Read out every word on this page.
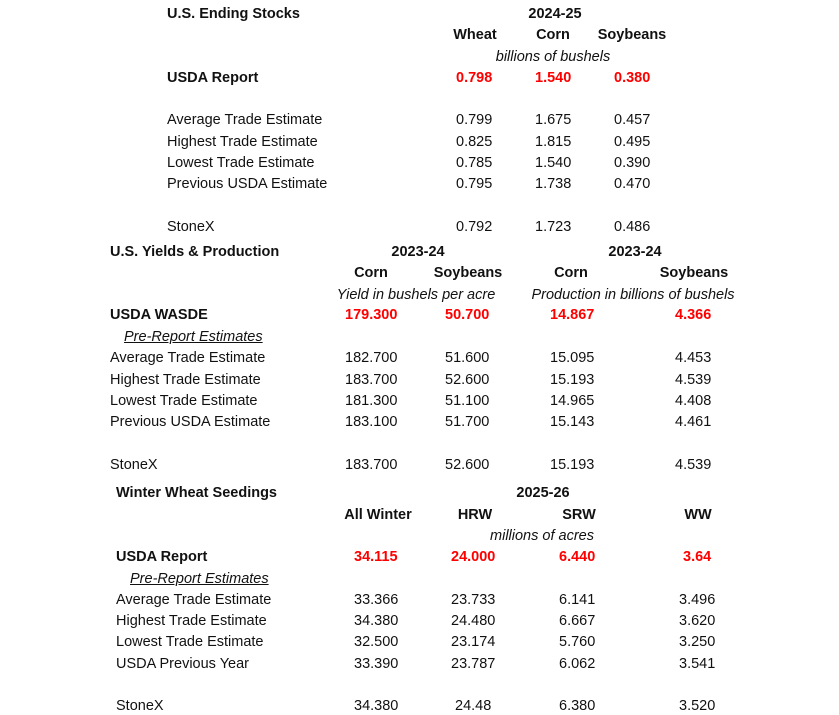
U.S. Ending Stocks	2024-25
Wheat	Corn Soybeans
billions of bushels
USDA Report	0.798	1.540	0.380
Average Trade Estimate	0.799	1.675	0.457
Highest Trade Estimate	0.825	1.815	0.495
Lowest Trade Estimate	0.785	1.540	0.390
Previous USDA Estimate	0.795	1.738	0.470
StoneX	0.792	1.723	0.486
U.S. Yields & Production	2023-24	2023-24
Corn	Soybeans	Corn	Soybeans
Yield in bushels per acre Production in billions of bushels
USDA WASDE	179.300	50.700	14.867	4.366
Pre-Report Estimates
Average Trade Estimate	182.700	51.600	15.095	4.453
Highest Trade Estimate	183.700	52.600	15.193	4.539
Lowest Trade Estimate	181.300	51.100	14.965	4.408
Previous USDA Estimate	183.100	51.700	15.143	4.461
StoneX	183.700	52.600	15.193	4.539
Winter Wheat Seedings	2025-26
All Winter	HRW	SRW	WW
millions of acres
USDA Report	34.115	24.000	6.440	3.64
Pre-Report Estimates
Average Trade Estimate	33.366	23.733	6.141	3.496
Highest Trade Estimate	34.380	24.480	6.667	3.620
Lowest Trade Estimate	32.500	23.174	5.760	3.250
USDA Previous Year	33.390	23.787	6.062	3.541
StoneX	34.380	24.48	6.380	3.520
